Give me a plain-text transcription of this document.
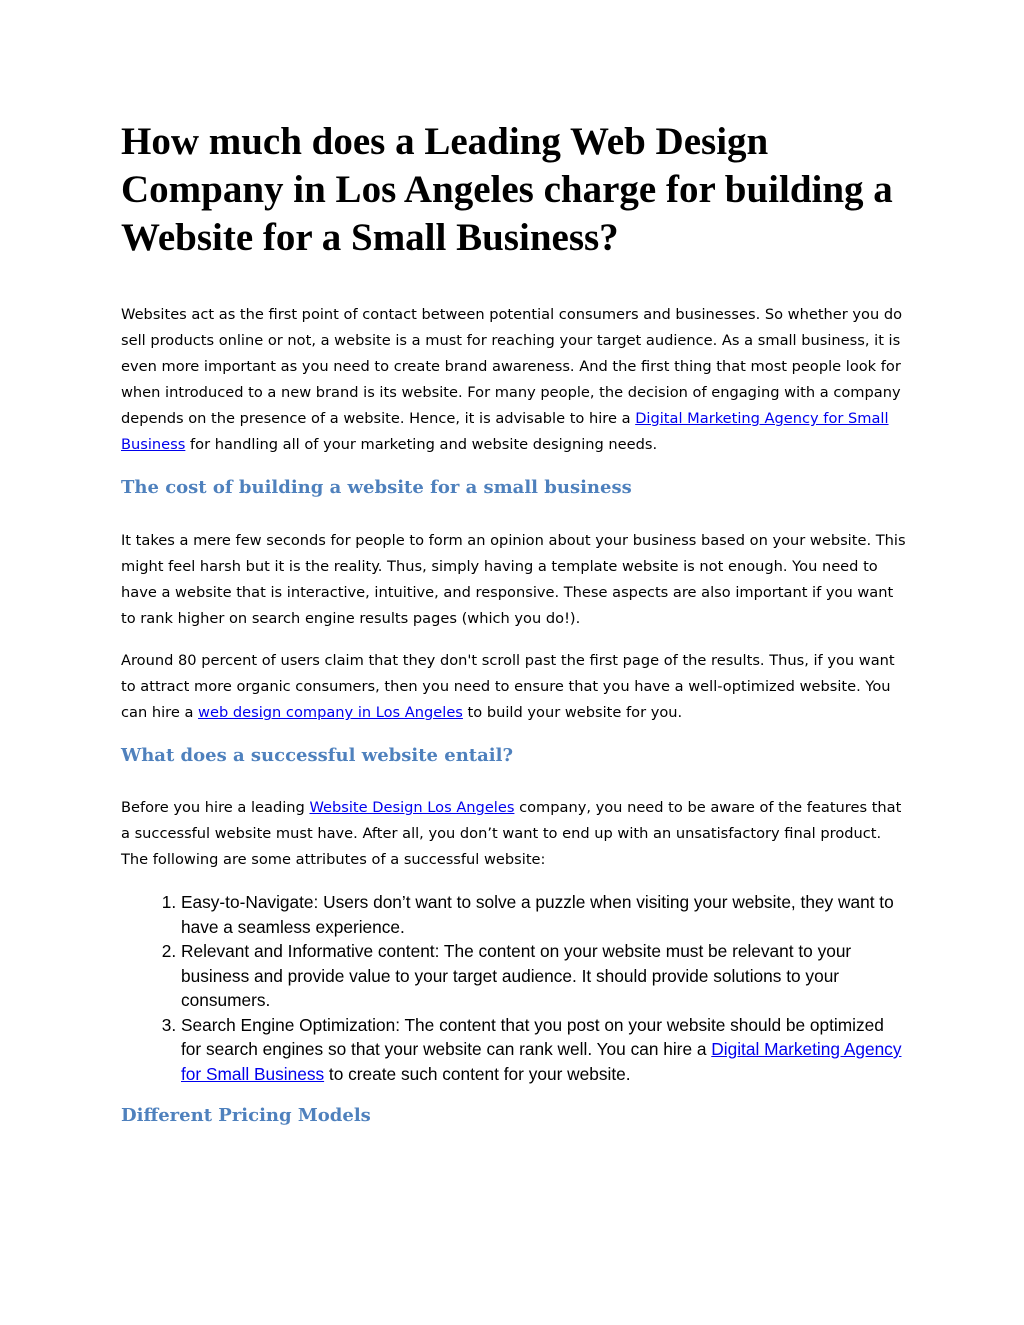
How much does a Leading Web Design Company in Los Angeles charge for building a Website for a Small Business?

Websites act as the first point of contact between potential consumers and businesses. So whether you do sell products online or not, a website is a must for reaching your target audience. As a small business, it is even more important as you need to create brand awareness. And the first thing that most people look for when introduced to a new brand is its website. For many people, the decision of engaging with a company depends on the presence of a website. Hence, it is advisable to hire a Digital Marketing Agency for Small Business for handling all of your marketing and website designing needs.

The cost of building a website for a small business

It takes a mere few seconds for people to form an opinion about your business based on your website. This might feel harsh but it is the reality. Thus, simply having a template website is not enough. You need to have a website that is interactive, intuitive, and responsive. These aspects are also important if you want to rank higher on search engine results pages (which you do!).

Around 80 percent of users claim that they don't scroll past the first page of the results. Thus, if you want to attract more organic consumers, then you need to ensure that you have a well-optimized website. You can hire a web design company in Los Angeles to build your website for you.

What does a successful website entail?

Before you hire a leading Website Design Los Angeles company, you need to be aware of the features that a successful website must have. After all, you don’t want to end up with an unsatisfactory final product. The following are some attributes of a successful website:

1. Easy-to-Navigate: Users don’t want to solve a puzzle when visiting your website, they want to have a seamless experience.
2. Relevant and Informative content: The content on your website must be relevant to your business and provide value to your target audience. It should provide solutions to your consumers.
3. Search Engine Optimization: The content that you post on your website should be optimized for search engines so that your website can rank well. You can hire a Digital Marketing Agency for Small Business to create such content for your website.
Different Pricing Models
